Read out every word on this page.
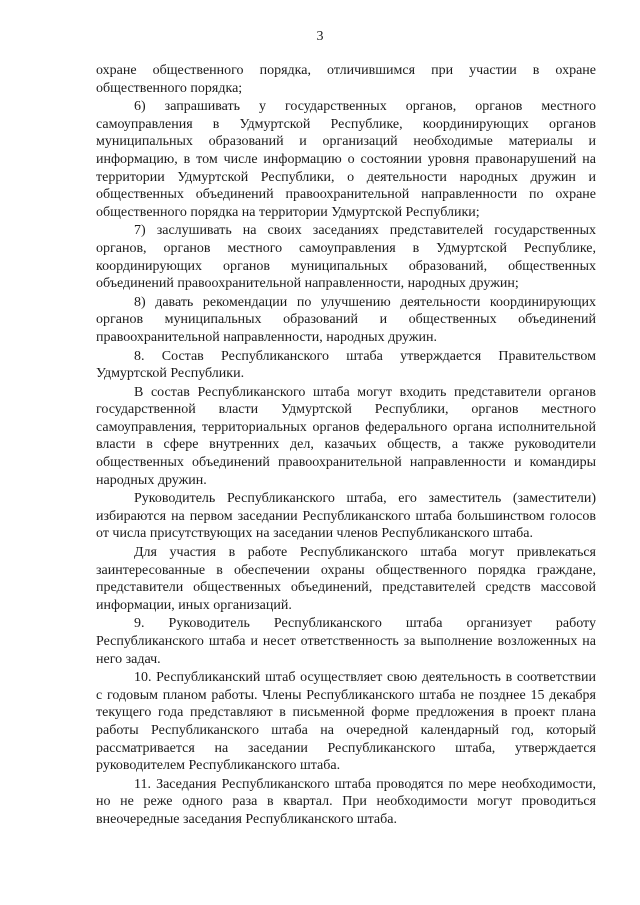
3

охране общественного порядка, отличившимся при участии в охране общественного порядка;

6) запрашивать у государственных органов, органов местного самоуправления в Удмуртской Республике, координирующих органов муниципальных образований и организаций необходимые материалы и информацию, в том числе информацию о состоянии уровня правонарушений на территории Удмуртской Республики, о деятельности народных дружин и общественных объединений правоохранительной направленности по охране общественного порядка на территории Удмуртской Республики;

7) заслушивать на своих заседаниях представителей государственных органов, органов местного самоуправления в Удмуртской Республике, координирующих органов муниципальных образований, общественных объединений правоохранительной направленности, народных дружин;

8) давать рекомендации по улучшению деятельности координирующих органов муниципальных образований и общественных объединений правоохранительной направленности, народных дружин.

8. Состав Республиканского штаба утверждается Правительством Удмуртской Республики.

В состав Республиканского штаба могут входить представители органов государственной власти Удмуртской Республики, органов местного самоуправления, территориальных органов федерального органа исполнительной власти в сфере внутренних дел, казачьих обществ, а также руководители общественных объединений правоохранительной направленности и командиры народных дружин.

Руководитель Республиканского штаба, его заместитель (заместители) избираются на первом заседании Республиканского штаба большинством голосов от числа присутствующих на заседании членов Республиканского штаба.

Для участия в работе Республиканского штаба могут привлекаться заинтересованные в обеспечении охраны общественного порядка граждане, представители общественных объединений, представителей средств массовой информации, иных организаций.

9. Руководитель Республиканского штаба организует работу Республиканского штаба и несет ответственность за выполнение возложенных на него задач.

10. Республиканский штаб осуществляет свою деятельность в соответствии с годовым планом работы. Члены Республиканского штаба не позднее 15 декабря текущего года представляют в письменной форме предложения в проект плана работы Республиканского штаба на очередной календарный год, который рассматривается на заседании Республиканского штаба, утверждается руководителем Республиканского штаба.

11. Заседания Республиканского штаба проводятся по мере необходимости, но не реже одного раза в квартал. При необходимости могут проводиться внеочередные заседания Республиканского штаба.
